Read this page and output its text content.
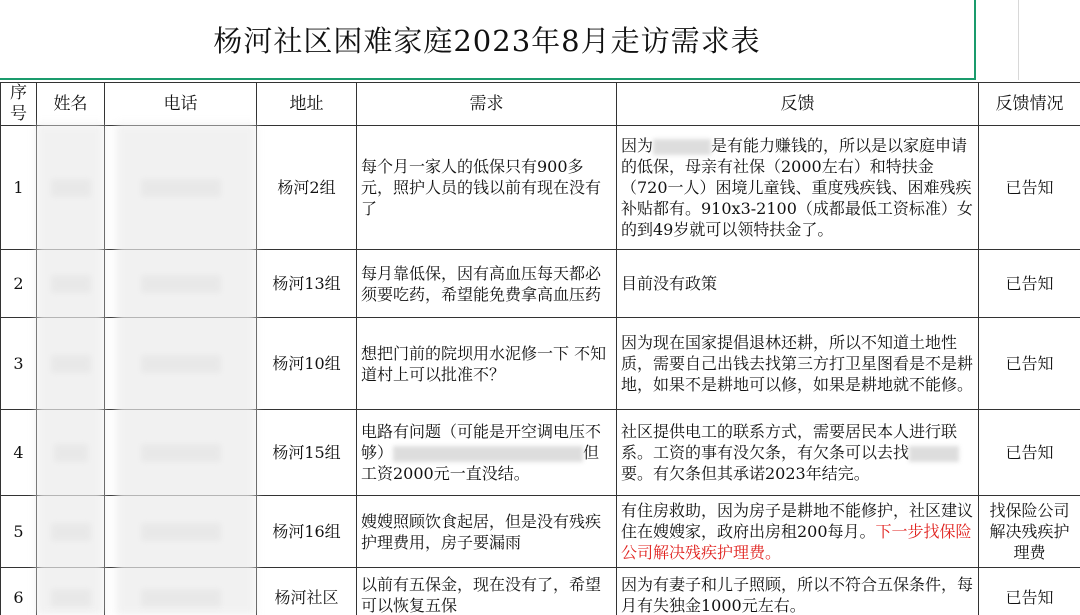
杨河社区困难家庭2023年8月走访需求表
序号	姓名	电话	地址	需求	反馈	反馈情况
1			杨河2组	每个月一家人的低保只有900多元，照护人员的钱以前有现在没有了	因为 是有能力赚钱的，所以是以家庭申请的低保，母亲有社保（2000左右）和特扶金（720一人）困境儿童钱、重度残疾钱、困难残疾补贴都有。910x3-2100（成都最低工资标准）女的到49岁就可以领特扶金了。	已告知
2			杨河13组	每月靠低保，因有高血压每天都必须要吃药，希望能免费拿高血压药	目前没有政策	已告知
3			杨河10组	想把门前的院坝用水泥修一下 不知道村上可以批准不？	因为现在国家提倡退林还耕，所以不知道土地性质，需要自己出钱去找第三方打卫星图看是不是耕地，如果不是耕地可以修，如果是耕地就不能修。	已告知
4			杨河15组	电路有问题（可能是开空调电压不够） 但工资2000元一直没结。	社区提供电工的联系方式，需要居民本人进行联系。工资的事有没欠条，有欠条可以去找要。有欠条但其承诺2023年结完。	已告知
5			杨河16组	嫂嫂照顾饮食起居，但是没有残疾护理费用，房子要漏雨	有住房救助，因为房子是耕地不能修护，社区建议住在嫂嫂家，政府出房租200每月。下一步找保险公司解决残疾护理费。	找保险公司解决残疾护理费
6			杨河社区	以前有五保金，现在没有了，希望可以恢复五保	因为有妻子和儿子照顾，所以不符合五保条件，每月有失独金1000元左右。	已告知
